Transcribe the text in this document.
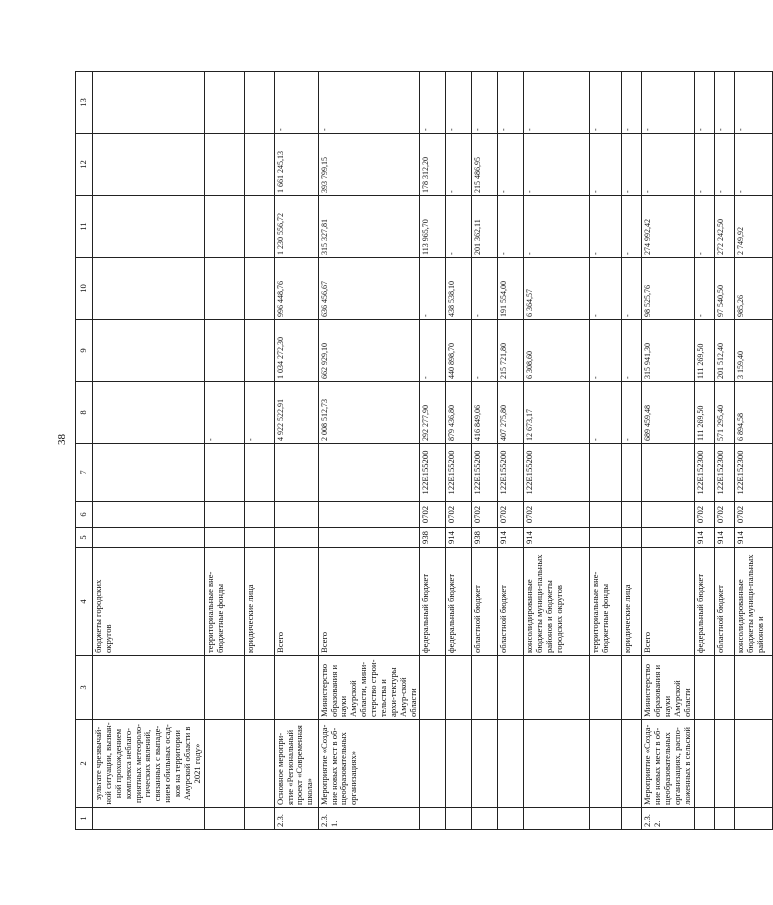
38
1	2	3	4	5	6	7	8	9	10	11	12	13
	зультате чрезвычай-ной ситуации, вызван-ной прохождением комплекса неблаго-приятных метеороло-гических явлений, связанных с выпаде-нием обильных осад-ков на территории Амурской области в 2021 году»		бюджеты городских округов									
			территориальные вне-бюджетные фонды				-					
			юридические лица				-					
2.3.	Основное меропри-ятие «Региональный проект «Современная школа»		Всего				4 922 522,91	1 034 272,30	996 448,76	1 230 556,72	1 661 245,13	-
2.3.1.	Мероприятие «Созда-ние новых мест в об-щеобразовательных организациях»	Министерство образования и науки Амурской области, мини-стерство строи-тельства и архи-тектуры Амур-ской области	Всего				2 008 512,73	662 929,10	636 456,67	315 327,81	393 799,15	-
			федеральный бюджет	938	0702	122Е155200	292 277,90	-	-	113 965,70	178 312,20	-
			федеральный бюджет	914	0702	122Е155200	879 436,80	440 898,70	438 538,10	-	-	-
			областной бюджет	938	0702	122Е155200	416 849,06	-	-	201 362,11	215 486,95	-
			областной бюджет	914	0702	122Е155200	407 275,80	215 721,80	191 554,00	-	-	-
			консолидированные бюджеты муници-пальных районов и бюджеты городских округов	914	0702	122Е155200	12 673,17	6 308,60	6 364,57	-	-	-
			территориальные вне-бюджетные фонды				-	-	-	-	-	-
			юридические лица				-	-	-	-	-	-
2.3.2.	Мероприятие «Созда-ние новых мест в об-щеобразовательных организациях, распо-ложенных в сельской	Министерство образования и науки Амурской области	Всего				689 459,48	315 941,30	98 525,76	274 992,42	-	-
			федеральный бюджет	914	0702	122Е152300	111 269,50	111 269,50	-	-	-	-
			областной бюджет	914	0702	122Е152300	571 295,40	201 512,40	97 540,50	272 242,50	-	-
			консолидированные бюджеты муници-пальных районов и	914	0702	122Е152300	6 894,58	3 159,40	985,26	2 749,92	-	-
